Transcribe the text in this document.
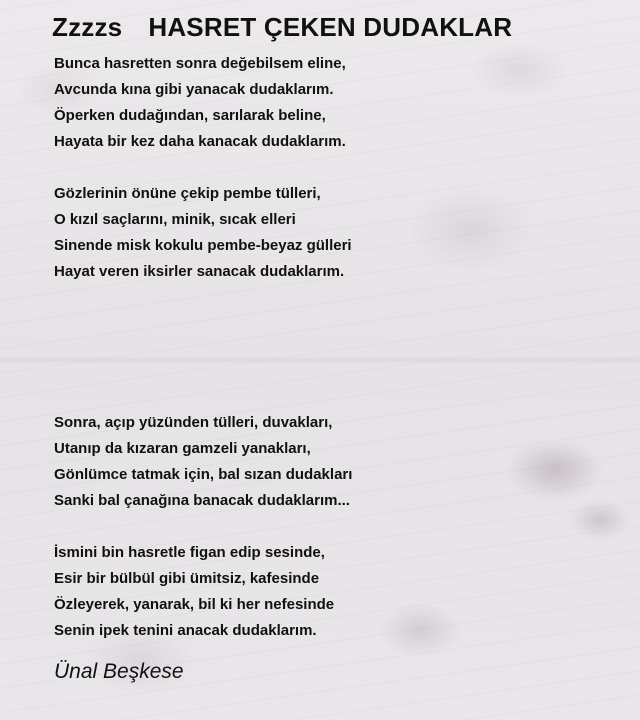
Zzzzs HASRET ÇEKEN DUDAKLAR
Bunca hasretten sonra değebilsem eline,
Avcunda kına gibi yanacak dudaklarım.
Öperken dudağından, sarılarak beline,
Hayata bir kez daha kanacak dudaklarım.
Gözlerinin önüne çekip pembe tülleri,
O kızıl saçlarını, minik, sıcak elleri
Sinende misk kokulu pembe-beyaz gülleri
Hayat veren iksirler sanacak dudaklarım.
Sonra, açıp yüzünden tülleri, duvakları,
Utanıp da kızaran gamzeli yanakları,
Gönlümce tatmak için, bal sızan dudakları
Sanki bal çanağına banacak dudaklarım...
İsmini bin hasretle figan edip sesinde,
Esir bir bülbül gibi ümitsiz, kafesinde
Özleyerek, yanarak, bil ki her nefesinde
Senin ipek tenini anacak dudaklarım.

Ünal Beşkese
